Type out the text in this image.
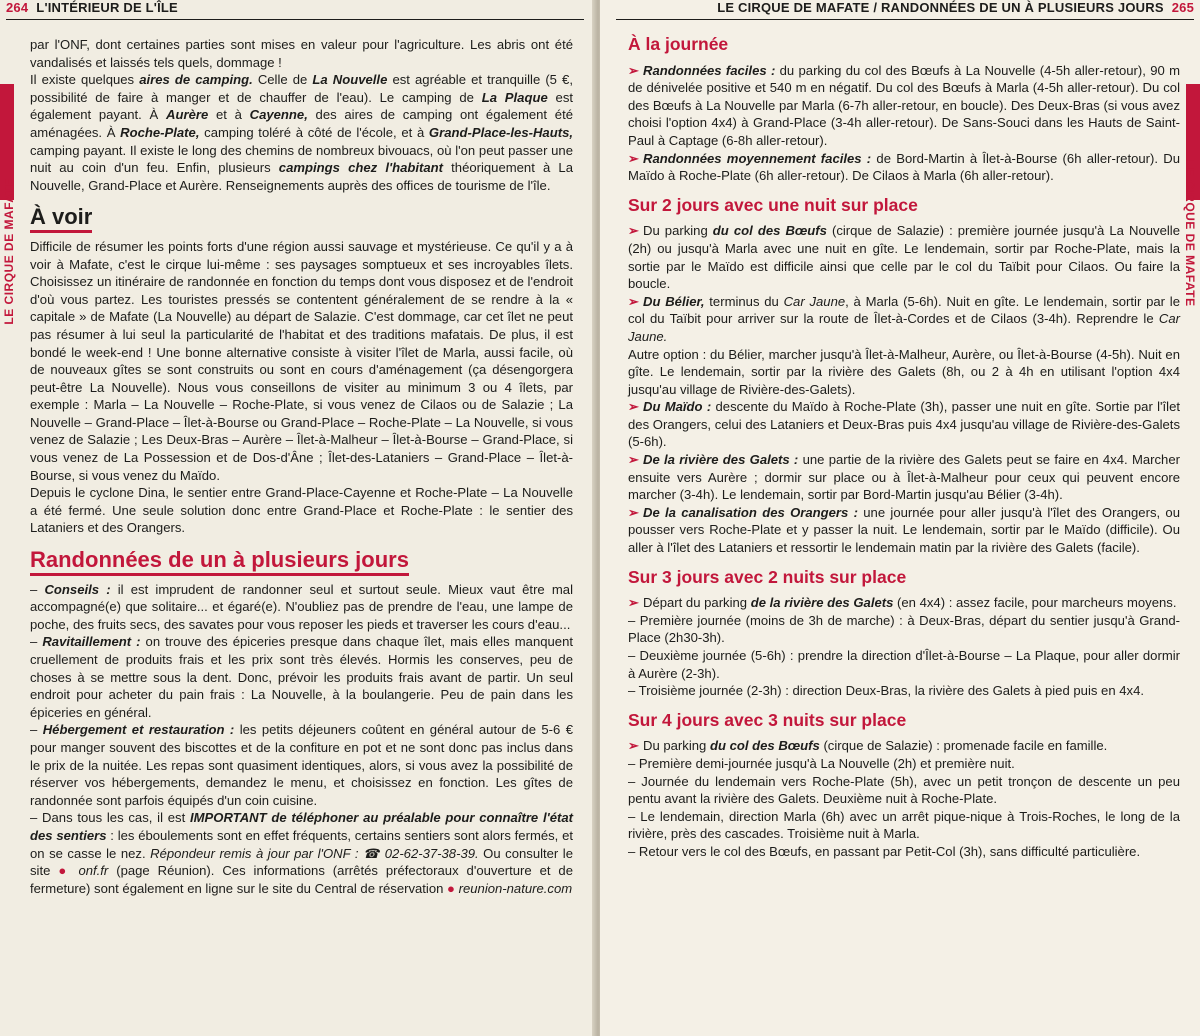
264 L'INTÉRIEUR DE L'ÎLE
LE CIRQUE DE MAFATE

par l'ONF, dont certaines parties sont mises en valeur pour l'agriculture. Les abris ont été vandalisés et laissés tels quels, dommage !
Il existe quelques aires de camping. Celle de La Nouvelle est agréable et tranquille (5 €, possibilité de faire à manger et de chauffer de l'eau). Le camping de La Plaque est également payant. À Aurère et à Cayenne, des aires de camping ont également été aménagées. À Roche-Plate, camping toléré à côté de l'école, et à Grand-Place-les-Hauts, camping payant. Il existe le long des chemins de nombreux bivouacs, où l'on peut passer une nuit au coin d'un feu. Enfin, plusieurs campings chez l'habitant théoriquement à La Nouvelle, Grand-Place et Aurère. Renseignements auprès des offices de tourisme de l'île.

À voir

Difficile de résumer les points forts d'une région aussi sauvage et mystérieuse. Ce qu'il y a à voir à Mafate, c'est le cirque lui-même : ses paysages somptueux et ses incroyables îlets. Choisissez un itinéraire de randonnée en fonction du temps dont vous disposez et de l'endroit d'où vous partez. Les touristes pressés se contentent généralement de se rendre à la « capitale » de Mafate (La Nouvelle) au départ de Salazie. C'est dommage, car cet îlet ne peut pas résumer à lui seul la particularité de l'habitat et des traditions mafatais. De plus, il est bondé le week-end ! Une bonne alternative consiste à visiter l'îlet de Marla, aussi facile, où de nouveaux gîtes se sont construits ou sont en cours d'aménagement (ça désengorgera peut-être La Nouvelle). Nous vous conseillons de visiter au minimum 3 ou 4 îlets, par exemple : Marla – La Nouvelle – Roche-Plate, si vous venez de Cilaos ou de Salazie ; La Nouvelle – Grand-Place – Îlet-à-Bourse ou Grand-Place – Roche-Plate – La Nouvelle, si vous venez de Salazie ; Les Deux-Bras – Aurère – Îlet-à-Malheur – Îlet-à-Bourse – Grand-Place, si vous venez de La Possession et de Dos-d'Âne ; Îlet-des-Lataniers – Grand-Place – Îlet-à-Bourse, si vous venez du Maïdo.

Depuis le cyclone Dina, le sentier entre Grand-Place-Cayenne et Roche-Plate – La Nouvelle a été fermé. Une seule solution donc entre Grand-Place et Roche-Plate : le sentier des Lataniers et des Orangers.

Randonnées de un à plusieurs jours

– Conseils : il est imprudent de randonner seul et surtout seule. Mieux vaut être mal accompagné(e) que solitaire... et égaré(e). N'oubliez pas de prendre de l'eau, une lampe de poche, des fruits secs, des savates pour vous reposer les pieds et traverser les cours d'eau...

– Ravitaillement : on trouve des épiceries presque dans chaque îlet, mais elles manquent cruellement de produits frais et les prix sont très élevés. Hormis les conserves, peu de choses à se mettre sous la dent. Donc, prévoir les produits frais avant de partir. Un seul endroit pour acheter du pain frais : La Nouvelle, à la boulangerie. Peu de pain dans les épiceries en général.

– Hébergement et restauration : les petits déjeuners coûtent en général autour de 5-6 € pour manger souvent des biscottes et de la confiture en pot et ne sont donc pas inclus dans le prix de la nuitée. Les repas sont quasiment identiques, alors, si vous avez la possibilité de réserver vos hébergements, demandez le menu, et choisissez en fonction. Les gîtes de randonnée sont parfois équipés d'un coin cuisine.

– Dans tous les cas, il est IMPORTANT de téléphoner au préalable pour connaître l'état des sentiers : les éboulements sont en effet fréquents, certains sentiers sont alors fermés, et on se casse le nez. Répondeur remis à jour par l'ONF : ☎ 02-62-37-38-39. Ou consulter le site ● onf.fr (page Réunion). Ces informations (arrêtés préfectoraux d'ouverture et de fermeture) sont également en ligne sur le site du Central de réservation ● reunion-nature.com

LE CIRQUE DE MAFATE / RANDONNÉES DE UN À PLUSIEURS JOURS 265
LE CIRQUE DE MAFATE
À la journée

➢ Randonnées faciles : du parking du col des Bœufs à La Nouvelle (4-5h aller-retour), 90 m de dénivelée positive et 540 m en négatif. Du col des Bœufs à Marla (4-5h aller-retour). Du col des Bœufs à La Nouvelle par Marla (6-7h aller-retour, en boucle). Des Deux-Bras (si vous avez choisi l'option 4x4) à Grand-Place (3-4h aller-retour). De Sans-Souci dans les Hauts de Saint-Paul à Captage (6-8h aller-retour).

➢ Randonnées moyennement faciles : de Bord-Martin à Îlet-à-Bourse (6h aller-retour). Du Maïdo à Roche-Plate (6h aller-retour). De Cilaos à Marla (6h aller-retour).

Sur 2 jours avec une nuit sur place

➢ Du parking du col des Bœufs (cirque de Salazie) : première journée jusqu'à La Nouvelle (2h) ou jusqu'à Marla avec une nuit en gîte. Le lendemain, sortir par Roche-Plate, mais la sortie par le Maïdo est difficile ainsi que celle par le col du Taïbit pour Cilaos. Ou faire la boucle.

➢ Du Bélier, terminus du Car Jaune, à Marla (5-6h). Nuit en gîte. Le lendemain, sortir par le col du Taïbit pour arriver sur la route de Îlet-à-Cordes et de Cilaos (3-4h). Reprendre le Car Jaune.

Autre option : du Bélier, marcher jusqu'à Îlet-à-Malheur, Aurère, ou Îlet-à-Bourse (4-5h). Nuit en gîte. Le lendemain, sortir par la rivière des Galets (8h, ou 2 à 4h en utilisant l'option 4x4 jusqu'au village de Rivière-des-Galets).

➢ Du Maïdo : descente du Maïdo à Roche-Plate (3h), passer une nuit en gîte. Sortie par l'îlet des Orangers, celui des Lataniers et Deux-Bras puis 4x4 jusqu'au village de Rivière-des-Galets (5-6h).

➢ De la rivière des Galets : une partie de la rivière des Galets peut se faire en 4x4. Marcher ensuite vers Aurère ; dormir sur place ou à Îlet-à-Malheur pour ceux qui peuvent encore marcher (3-4h). Le lendemain, sortir par Bord-Martin jusqu'au Bélier (3-4h).

➢ De la canalisation des Orangers : une journée pour aller jusqu'à l'îlet des Orangers, ou pousser vers Roche-Plate et y passer la nuit. Le lendemain, sortir par le Maïdo (difficile). Ou aller à l'îlet des Lataniers et ressortir le lendemain matin par la rivière des Galets (facile).

Sur 3 jours avec 2 nuits sur place

➢ Départ du parking de la rivière des Galets (en 4x4) : assez facile, pour marcheurs moyens.

– Première journée (moins de 3h de marche) : à Deux-Bras, départ du sentier jusqu'à Grand-Place (2h30-3h).

– Deuxième journée (5-6h) : prendre la direction d'Îlet-à-Bourse – La Plaque, pour aller dormir à Aurère (2-3h).

– Troisième journée (2-3h) : direction Deux-Bras, la rivière des Galets à pied puis en 4x4.

Sur 4 jours avec 3 nuits sur place

➢ Du parking du col des Bœufs (cirque de Salazie) : promenade facile en famille.

– Première demi-journée jusqu'à La Nouvelle (2h) et première nuit.

– Journée du lendemain vers Roche-Plate (5h), avec un petit tronçon de descente un peu pentu avant la rivière des Galets. Deuxième nuit à Roche-Plate.

– Le lendemain, direction Marla (6h) avec un arrêt pique-nique à Trois-Roches, le long de la rivière, près des cascades. Troisième nuit à Marla.

– Retour vers le col des Bœufs, en passant par Petit-Col (3h), sans difficulté particulière.
